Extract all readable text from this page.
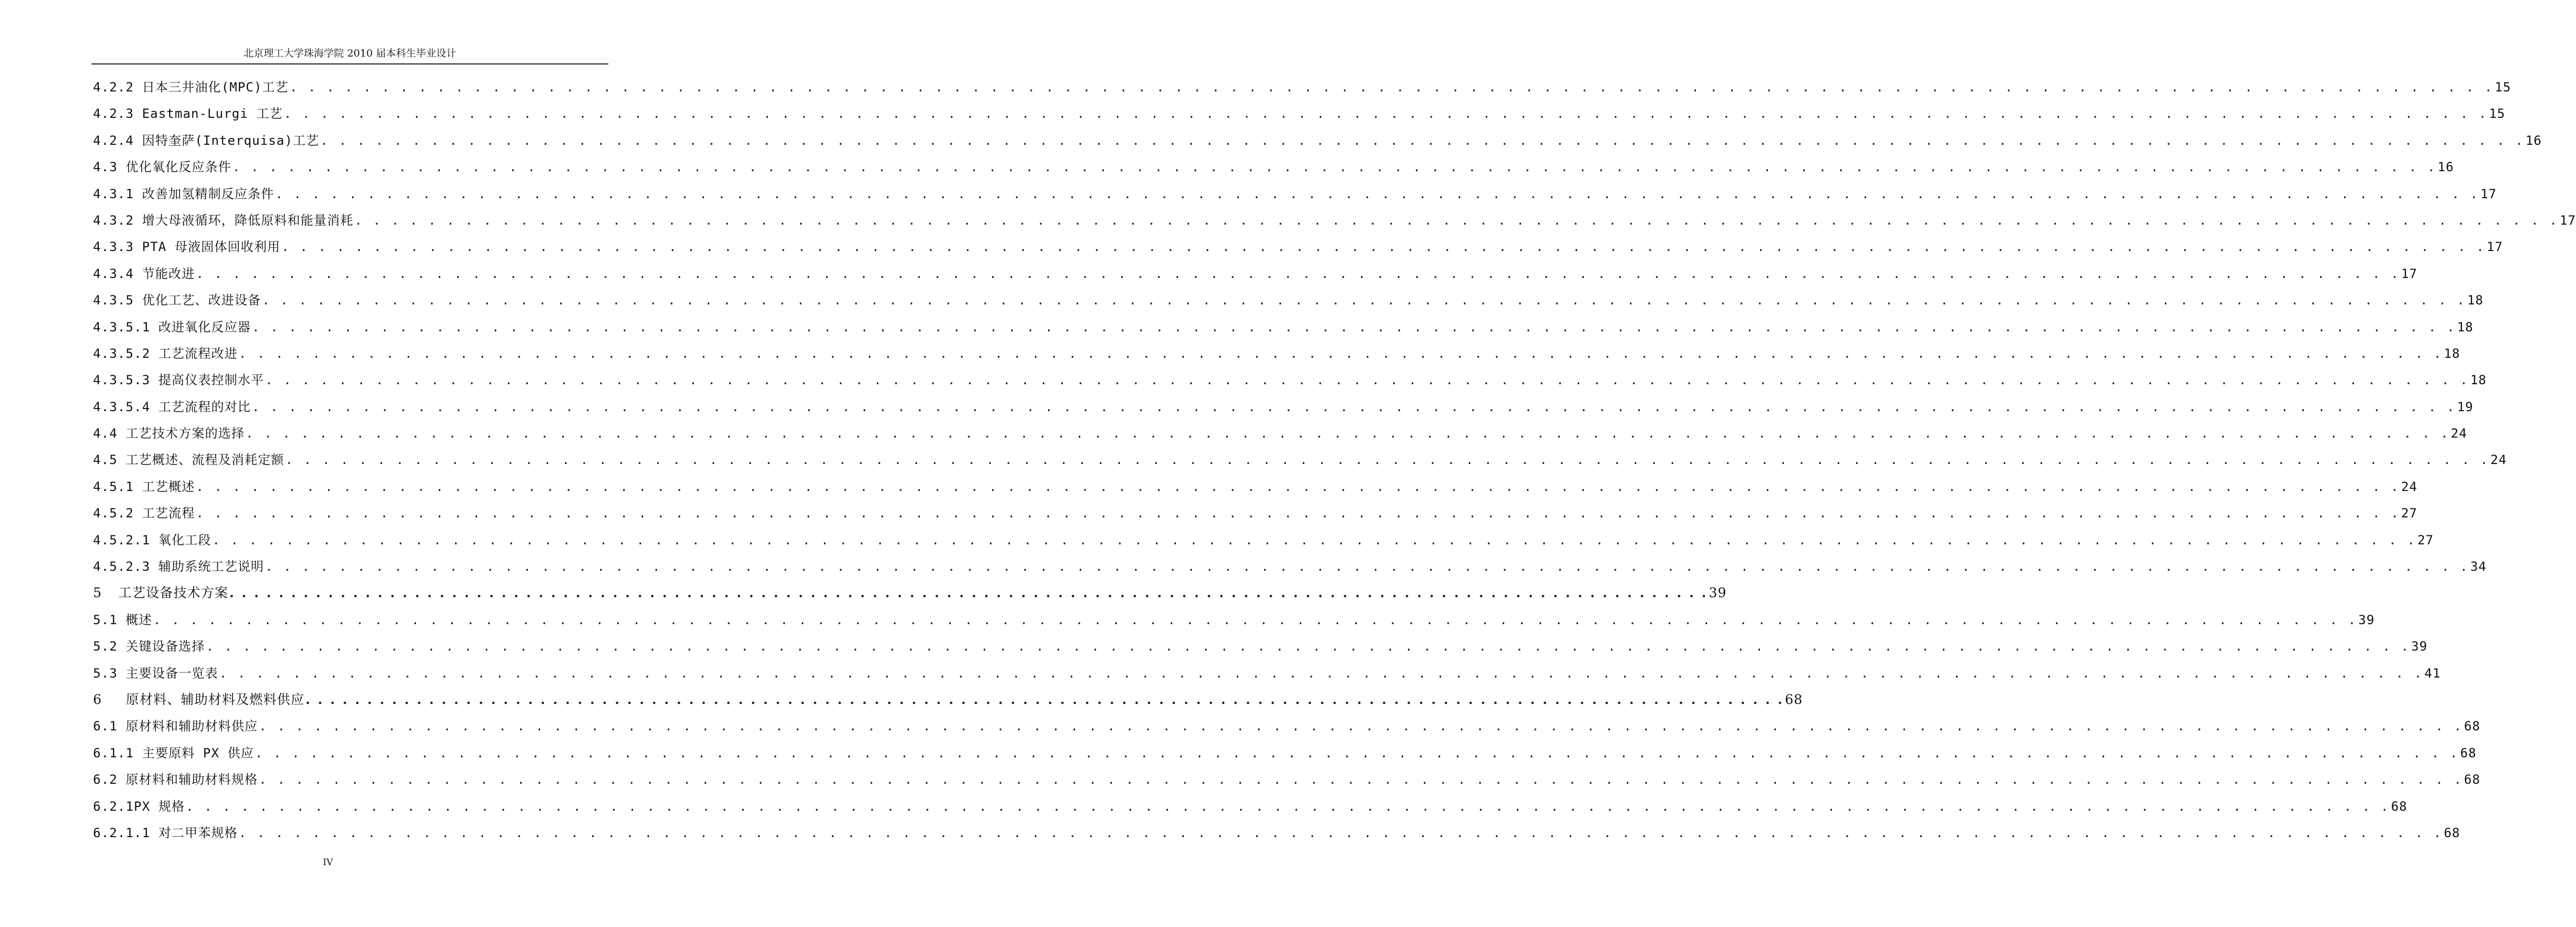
北京理工大学珠海学院 2010 届本科生毕业设计
4.2.2 日本三井油化(MPC)工艺 . . . . . . . . . . . . . . . . . . . . . . . . . . . . . . . . . . . . . . . . . . . . . . . . . . . . . . . . . . . . . . . . . . . . . . . . . . . . . . . . . . . . . . . . . . . . . . . . . . . . . . . . . . . . . . . . . . . . . . . . 15
4.2.3 Eastman-Lurgi 工艺 . . . . . . . . . . . . . . . . . . . . . . . . . . . . . . . . . . . . . . . . . . . . . . . . . . . . . . . . . . . . . . . . . . . . . . . . . . . . . . . . . . . . . . . . . . . . . . . . . . . . . . . . . . . . . . . . . . . . . . . . 15
4.2.4 因特奎萨(Interquisa)工艺 . . . . . . . . . . . . . . . . . . . . . . . . . . . . . . . . . . . . . . . . . . . . . . . . . . . . . . . . . . . . . . . . . . . . . . . . . . . . . . . . . . . . . . . . . . . . . . . . . . . . . . . . . . . . . . . . . . . . . . . . 16
4.3 优化氧化反应条件 . . . . . . . . . . . . . . . . . . . . . . . . . . . . . . . . . . . . . . . . . . . . . . . . . . . . . . . . . . . . . . . . . . . . . . . . . . . . . . . . . . . . . . . . . . . . . . . . . . . . . . . . . . . . . . . . . . . . . . . . 16
4.3.1 改善加氢精制反应条件 . . . . . . . . . . . . . . . . . . . . . . . . . . . . . . . . . . . . . . . . . . . . . . . . . . . . . . . . . . . . . . . . . . . . . . . . . . . . . . . . . . . . . . . . . . . . . . . . . . . . . . . . . . . . . . . . . . . . . . . . 17
4.3.2 增大母液循环，降低原料和能量消耗 . . . . . . . . . . . . . . . . . . . . . . . . . . . . . . . . . . . . . . . . . . . . . . . . . . . . . . . . . . . . . . . . . . . . . . . . . . . . . . . . . . . . . . . . . . . . . . . . . . . . . . . . . . . . . . . . . . . . . . . . 17
4.3.3 PTA 母液固体回收利用 . . . . . . . . . . . . . . . . . . . . . . . . . . . . . . . . . . . . . . . . . . . . . . . . . . . . . . . . . . . . . . . . . . . . . . . . . . . . . . . . . . . . . . . . . . . . . . . . . . . . . . . . . . . . . . . . . . . . . . . . 17
4.3.4 节能改进 . . . . . . . . . . . . . . . . . . . . . . . . . . . . . . . . . . . . . . . . . . . . . . . . . . . . . . . . . . . . . . . . . . . . . . . . . . . . . . . . . . . . . . . . . . . . . . . . . . . . . . . . . . . . . . . . . . . . . . . . 17
4.3.5 优化工艺、改进设备 . . . . . . . . . . . . . . . . . . . . . . . . . . . . . . . . . . . . . . . . . . . . . . . . . . . . . . . . . . . . . . . . . . . . . . . . . . . . . . . . . . . . . . . . . . . . . . . . . . . . . . . . . . . . . . . . . . . . . . . . 18
4.3.5.1 改进氧化反应器 . . . . . . . . . . . . . . . . . . . . . . . . . . . . . . . . . . . . . . . . . . . . . . . . . . . . . . . . . . . . . . . . . . . . . . . . . . . . . . . . . . . . . . . . . . . . . . . . . . . . . . . . . . . . . . . . . . . . . . . . 18
4.3.5.2 工艺流程改进 . . . . . . . . . . . . . . . . . . . . . . . . . . . . . . . . . . . . . . . . . . . . . . . . . . . . . . . . . . . . . . . . . . . . . . . . . . . . . . . . . . . . . . . . . . . . . . . . . . . . . . . . . . . . . . . . . . . . . . . . 18
4.3.5.3 提高仪表控制水平 . . . . . . . . . . . . . . . . . . . . . . . . . . . . . . . . . . . . . . . . . . . . . . . . . . . . . . . . . . . . . . . . . . . . . . . . . . . . . . . . . . . . . . . . . . . . . . . . . . . . . . . . . . . . . . . . . . . . . . . . 18
4.3.5.4 工艺流程的对比 . . . . . . . . . . . . . . . . . . . . . . . . . . . . . . . . . . . . . . . . . . . . . . . . . . . . . . . . . . . . . . . . . . . . . . . . . . . . . . . . . . . . . . . . . . . . . . . . . . . . . . . . . . . . . . . . . . . . . . . . 19
4.4 工艺技术方案的选择 . . . . . . . . . . . . . . . . . . . . . . . . . . . . . . . . . . . . . . . . . . . . . . . . . . . . . . . . . . . . . . . . . . . . . . . . . . . . . . . . . . . . . . . . . . . . . . . . . . . . . . . . . . . . . . . . . . . . . . . . 24
4.5 工艺概述、流程及消耗定额 . . . . . . . . . . . . . . . . . . . . . . . . . . . . . . . . . . . . . . . . . . . . . . . . . . . . . . . . . . . . . . . . . . . . . . . . . . . . . . . . . . . . . . . . . . . . . . . . . . . . . . . . . . . . . . . . . . . . . . . . 24
4.5.1 工艺概述 . . . . . . . . . . . . . . . . . . . . . . . . . . . . . . . . . . . . . . . . . . . . . . . . . . . . . . . . . . . . . . . . . . . . . . . . . . . . . . . . . . . . . . . . . . . . . . . . . . . . . . . . . . . . . . . . . . . . . . . . 24
4.5.2 工艺流程 . . . . . . . . . . . . . . . . . . . . . . . . . . . . . . . . . . . . . . . . . . . . . . . . . . . . . . . . . . . . . . . . . . . . . . . . . . . . . . . . . . . . . . . . . . . . . . . . . . . . . . . . . . . . . . . . . . . . . . . . 27
4.5.2.1 氧化工段 . . . . . . . . . . . . . . . . . . . . . . . . . . . . . . . . . . . . . . . . . . . . . . . . . . . . . . . . . . . . . . . . . . . . . . . . . . . . . . . . . . . . . . . . . . . . . . . . . . . . . . . . . . . . . . . . . . . . . . . . 27
4.5.2.3 辅助系统工艺说明 . . . . . . . . . . . . . . . . . . . . . . . . . . . . . . . . . . . . . . . . . . . . . . . . . . . . . . . . . . . . . . . . . . . . . . . . . . . . . . . . . . . . . . . . . . . . . . . . . . . . . . . . . . . . . . . . . . . . . . . . 34
5 工艺设备技术方案 . . . . . . . . . . . . . . . . . . . . . . . . . . . . . . . . . . . . . . . . . . . . . . . . . . . . . . . . . . . . . . . . . . . . . . . . . . . . . . . . . . . . . . . . . . . . . . . . . . . . . . . . . . . . . . . . . . . . . . . . 39
5.1 概述 . . . . . . . . . . . . . . . . . . . . . . . . . . . . . . . . . . . . . . . . . . . . . . . . . . . . . . . . . . . . . . . . . . . . . . . . . . . . . . . . . . . . . . . . . . . . . . . . . . . . . . . . . . . . . . . . . . . . . . . . 39
5.2 关键设备选择 . . . . . . . . . . . . . . . . . . . . . . . . . . . . . . . . . . . . . . . . . . . . . . . . . . . . . . . . . . . . . . . . . . . . . . . . . . . . . . . . . . . . . . . . . . . . . . . . . . . . . . . . . . . . . . . . . . . . . . . . 39
5.3 主要设备一览表 . . . . . . . . . . . . . . . . . . . . . . . . . . . . . . . . . . . . . . . . . . . . . . . . . . . . . . . . . . . . . . . . . . . . . . . . . . . . . . . . . . . . . . . . . . . . . . . . . . . . . . . . . . . . . . . . . . . . . . . . 41
6 原材料、辅助材料及燃料供应 . . . . . . . . . . . . . . . . . . . . . . . . . . . . . . . . . . . . . . . . . . . . . . . . . . . . . . . . . . . . . . . . . . . . . . . . . . . . . . . . . . . . . . . . . . . . . . . . . . . . . . . . . . . . . . . . . . . . . . . . 68
6.1 原材料和辅助材料供应 . . . . . . . . . . . . . . . . . . . . . . . . . . . . . . . . . . . . . . . . . . . . . . . . . . . . . . . . . . . . . . . . . . . . . . . . . . . . . . . . . . . . . . . . . . . . . . . . . . . . . . . . . . . . . . . . . . . . . . . . 68
6.1.1 主要原料 PX 供应 . . . . . . . . . . . . . . . . . . . . . . . . . . . . . . . . . . . . . . . . . . . . . . . . . . . . . . . . . . . . . . . . . . . . . . . . . . . . . . . . . . . . . . . . . . . . . . . . . . . . . . . . . . . . . . . . . . . . . . . . 68
6.2 原材料和辅助材料规格 . . . . . . . . . . . . . . . . . . . . . . . . . . . . . . . . . . . . . . . . . . . . . . . . . . . . . . . . . . . . . . . . . . . . . . . . . . . . . . . . . . . . . . . . . . . . . . . . . . . . . . . . . . . . . . . . . . . . . . . . 68
6.2.1PX 规格 . . . . . . . . . . . . . . . . . . . . . . . . . . . . . . . . . . . . . . . . . . . . . . . . . . . . . . . . . . . . . . . . . . . . . . . . . . . . . . . . . . . . . . . . . . . . . . . . . . . . . . . . . . . . . . . . . . . . . . . . 68
6.2.1.1 对二甲苯规格 . . . . . . . . . . . . . . . . . . . . . . . . . . . . . . . . . . . . . . . . . . . . . . . . . . . . . . . . . . . . . . . . . . . . . . . . . . . . . . . . . . . . . . . . . . . . . . . . . . . . . . . . . . . . . . . . . . . . . . . . 68
IV
